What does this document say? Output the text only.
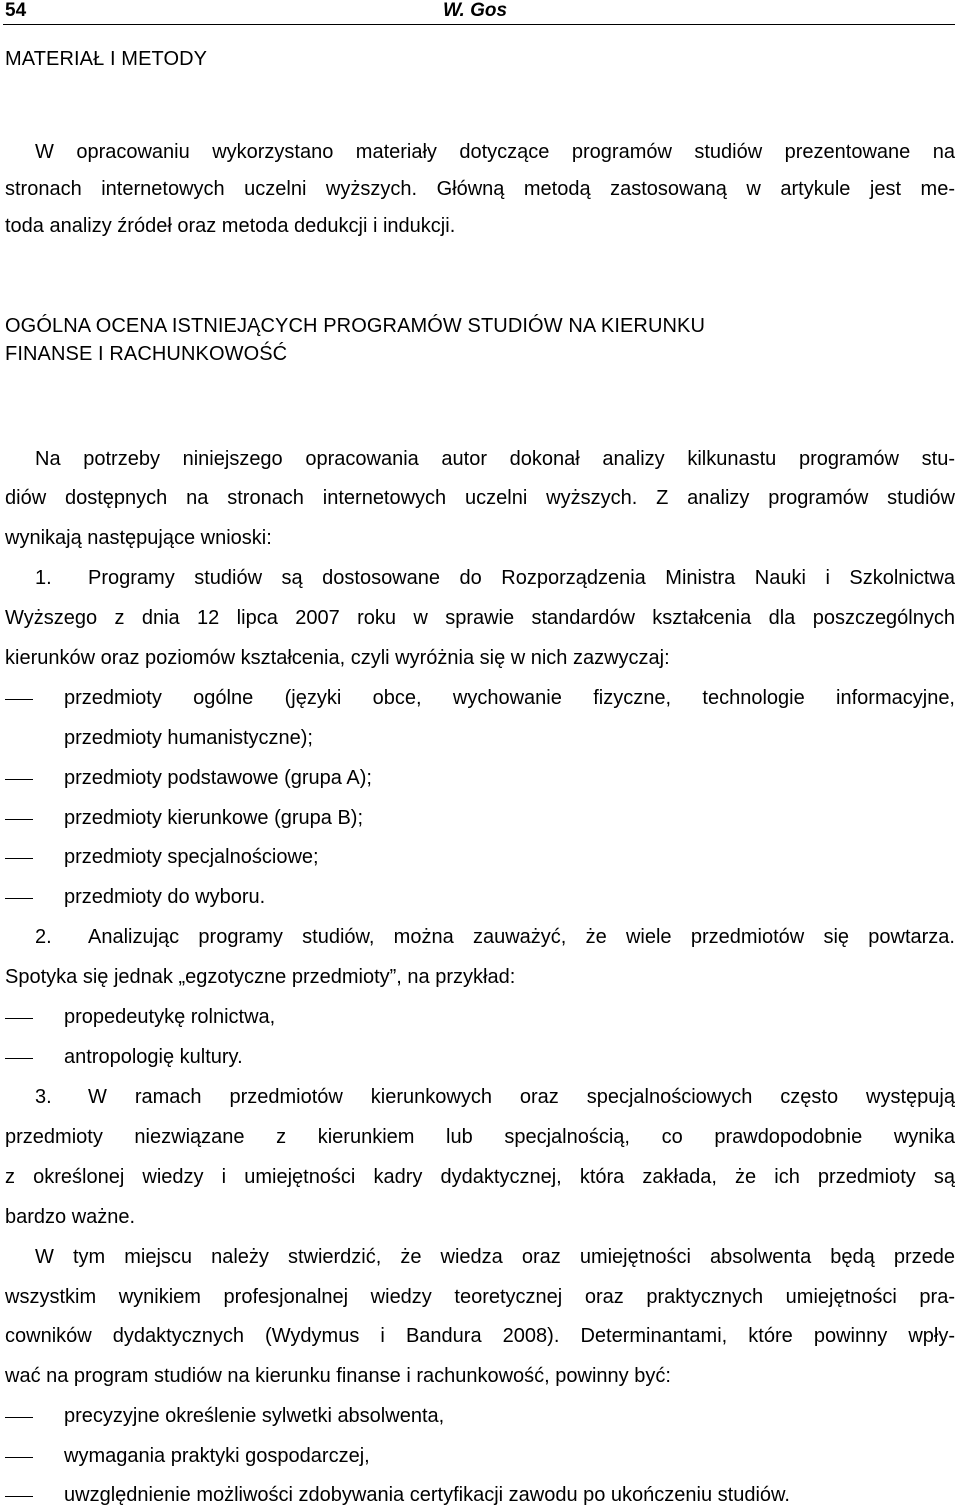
54	W. Gos
MATERIAŁ I METODY
W opracowaniu wykorzystano materiały dotyczące programów studiów prezentowane na
stronach internetowych uczelni wyższych. Główną metodą zastosowaną w artykule jest me-
toda analizy źródeł oraz metoda dedukcji i indukcji.
OGÓLNA OCENA ISTNIEJĄCYCH PROGRAMÓW STUDIÓW NA KIERUNKU
FINANSE I RACHUNKOWOŚĆ
Na potrzeby niniejszego opracowania autor dokonał analizy kilkunastu programów stu-
diów dostępnych na stronach internetowych uczelni wyższych. Z analizy programów studiów
wynikają następujące wnioski:
1. Programy studiów są dostosowane do Rozporządzenia Ministra Nauki i Szkolnictwa
Wyższego z dnia 12 lipca 2007 roku w sprawie standardów kształcenia dla poszczególnych
kierunków oraz poziomów kształcenia, czyli wyróżnia się w nich zazwyczaj:
przedmioty ogólne (języki obce, wychowanie fizyczne, technologie informacyjne,
przedmioty humanistyczne);
przedmioty podstawowe (grupa A);
przedmioty kierunkowe (grupa B);
przedmioty specjalnościowe;
przedmioty do wyboru.
2. Analizując programy studiów, można zauważyć, że wiele przedmiotów się powtarza.
Spotyka się jednak „egzotyczne przedmioty”, na przykład:
propedeutykę rolnictwa,
antropologię kultury.
3. W ramach przedmiotów kierunkowych oraz specjalnościowych często występują
przedmioty niezwiązane z kierunkiem lub specjalnością, co prawdopodobnie wynika
z określonej wiedzy i umiejętności kadry dydaktycznej, która zakłada, że ich przedmioty są
bardzo ważne.
W tym miejscu należy stwierdzić, że wiedza oraz umiejętności absolwenta będą przede
wszystkim wynikiem profesjonalnej wiedzy teoretycznej oraz praktycznych umiejętności pra-
cowników dydaktycznych (Wydymus i Bandura 2008). Determinantami, które powinny wpły-
wać na program studiów na kierunku finanse i rachunkowość, powinny być:
precyzyjne określenie sylwetki absolwenta,
wymagania praktyki gospodarczej,
uwzględnienie możliwości zdobywania certyfikacji zawodu po ukończeniu studiów.
